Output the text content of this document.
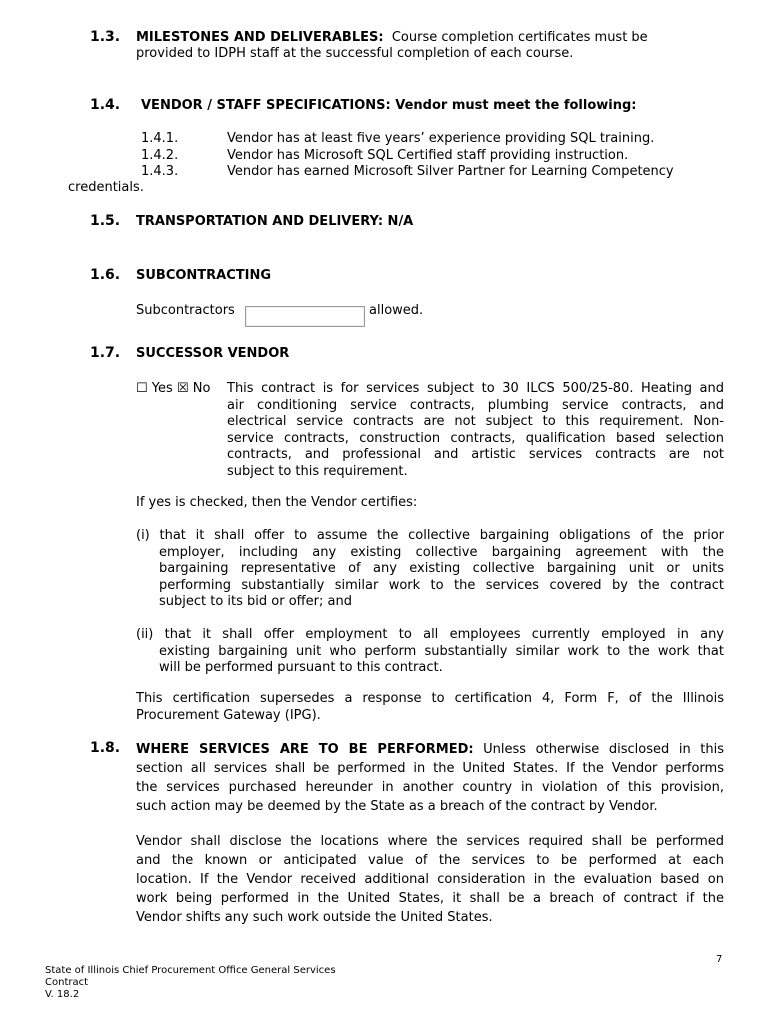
1.3. MILESTONES AND DELIVERABLES: Course completion certificates must be
provided to IDPH staff at the successful completion of each course.
1.4. VENDOR / STAFF SPECIFICATIONS: Vendor must meet the following:
1.4.1.	Vendor has at least five years’ experience providing SQL training.
1.4.2.	Vendor has Microsoft SQL Certified staff providing instruction.
1.4.3.	Vendor has earned Microsoft Silver Partner for Learning Competency
credentials.
1.5. TRANSPORTATION AND DELIVERY: N/A
1.6. SUBCONTRACTING
Subcontractors	allowed.
1.7. SUCCESSOR VENDOR
☐ Yes ☒ No This contract is for services subject to 30 ILCS 500/25-80. Heating and
air conditioning service contracts, plumbing service contracts, and
electrical service contracts are not subject to this requirement. Non-
service contracts, construction contracts, qualification based selection
contracts, and professional and artistic services contracts are not
subject to this requirement.
If yes is checked, then the Vendor certifies:
(i) that it shall offer to assume the collective bargaining obligations of the prior
employer, including any existing collective bargaining agreement with the
bargaining representative of any existing collective bargaining unit or units
performing substantially similar work to the services covered by the contract
subject to its bid or offer; and
(ii) that it shall offer employment to all employees currently employed in any
existing bargaining unit who perform substantially similar work to the work that
will be performed pursuant to this contract.
This certification supersedes a response to certification 4, Form F, of the Illinois
Procurement Gateway (IPG).
1.8. WHERE SERVICES ARE TO BE PERFORMED: Unless otherwise disclosed in this
section all services shall be performed in the United States. If the Vendor performs
the services purchased hereunder in another country in violation of this provision,
such action may be deemed by the State as a breach of the contract by Vendor.
Vendor shall disclose the locations where the services required shall be performed
and the known or anticipated value of the services to be performed at each
location. If the Vendor received additional consideration in the evaluation based on
work being performed in the United States, it shall be a breach of contract if the
Vendor shifts any such work outside the United States.
7
State of Illinois Chief Procurement Office General Services
Contract
V. 18.2
